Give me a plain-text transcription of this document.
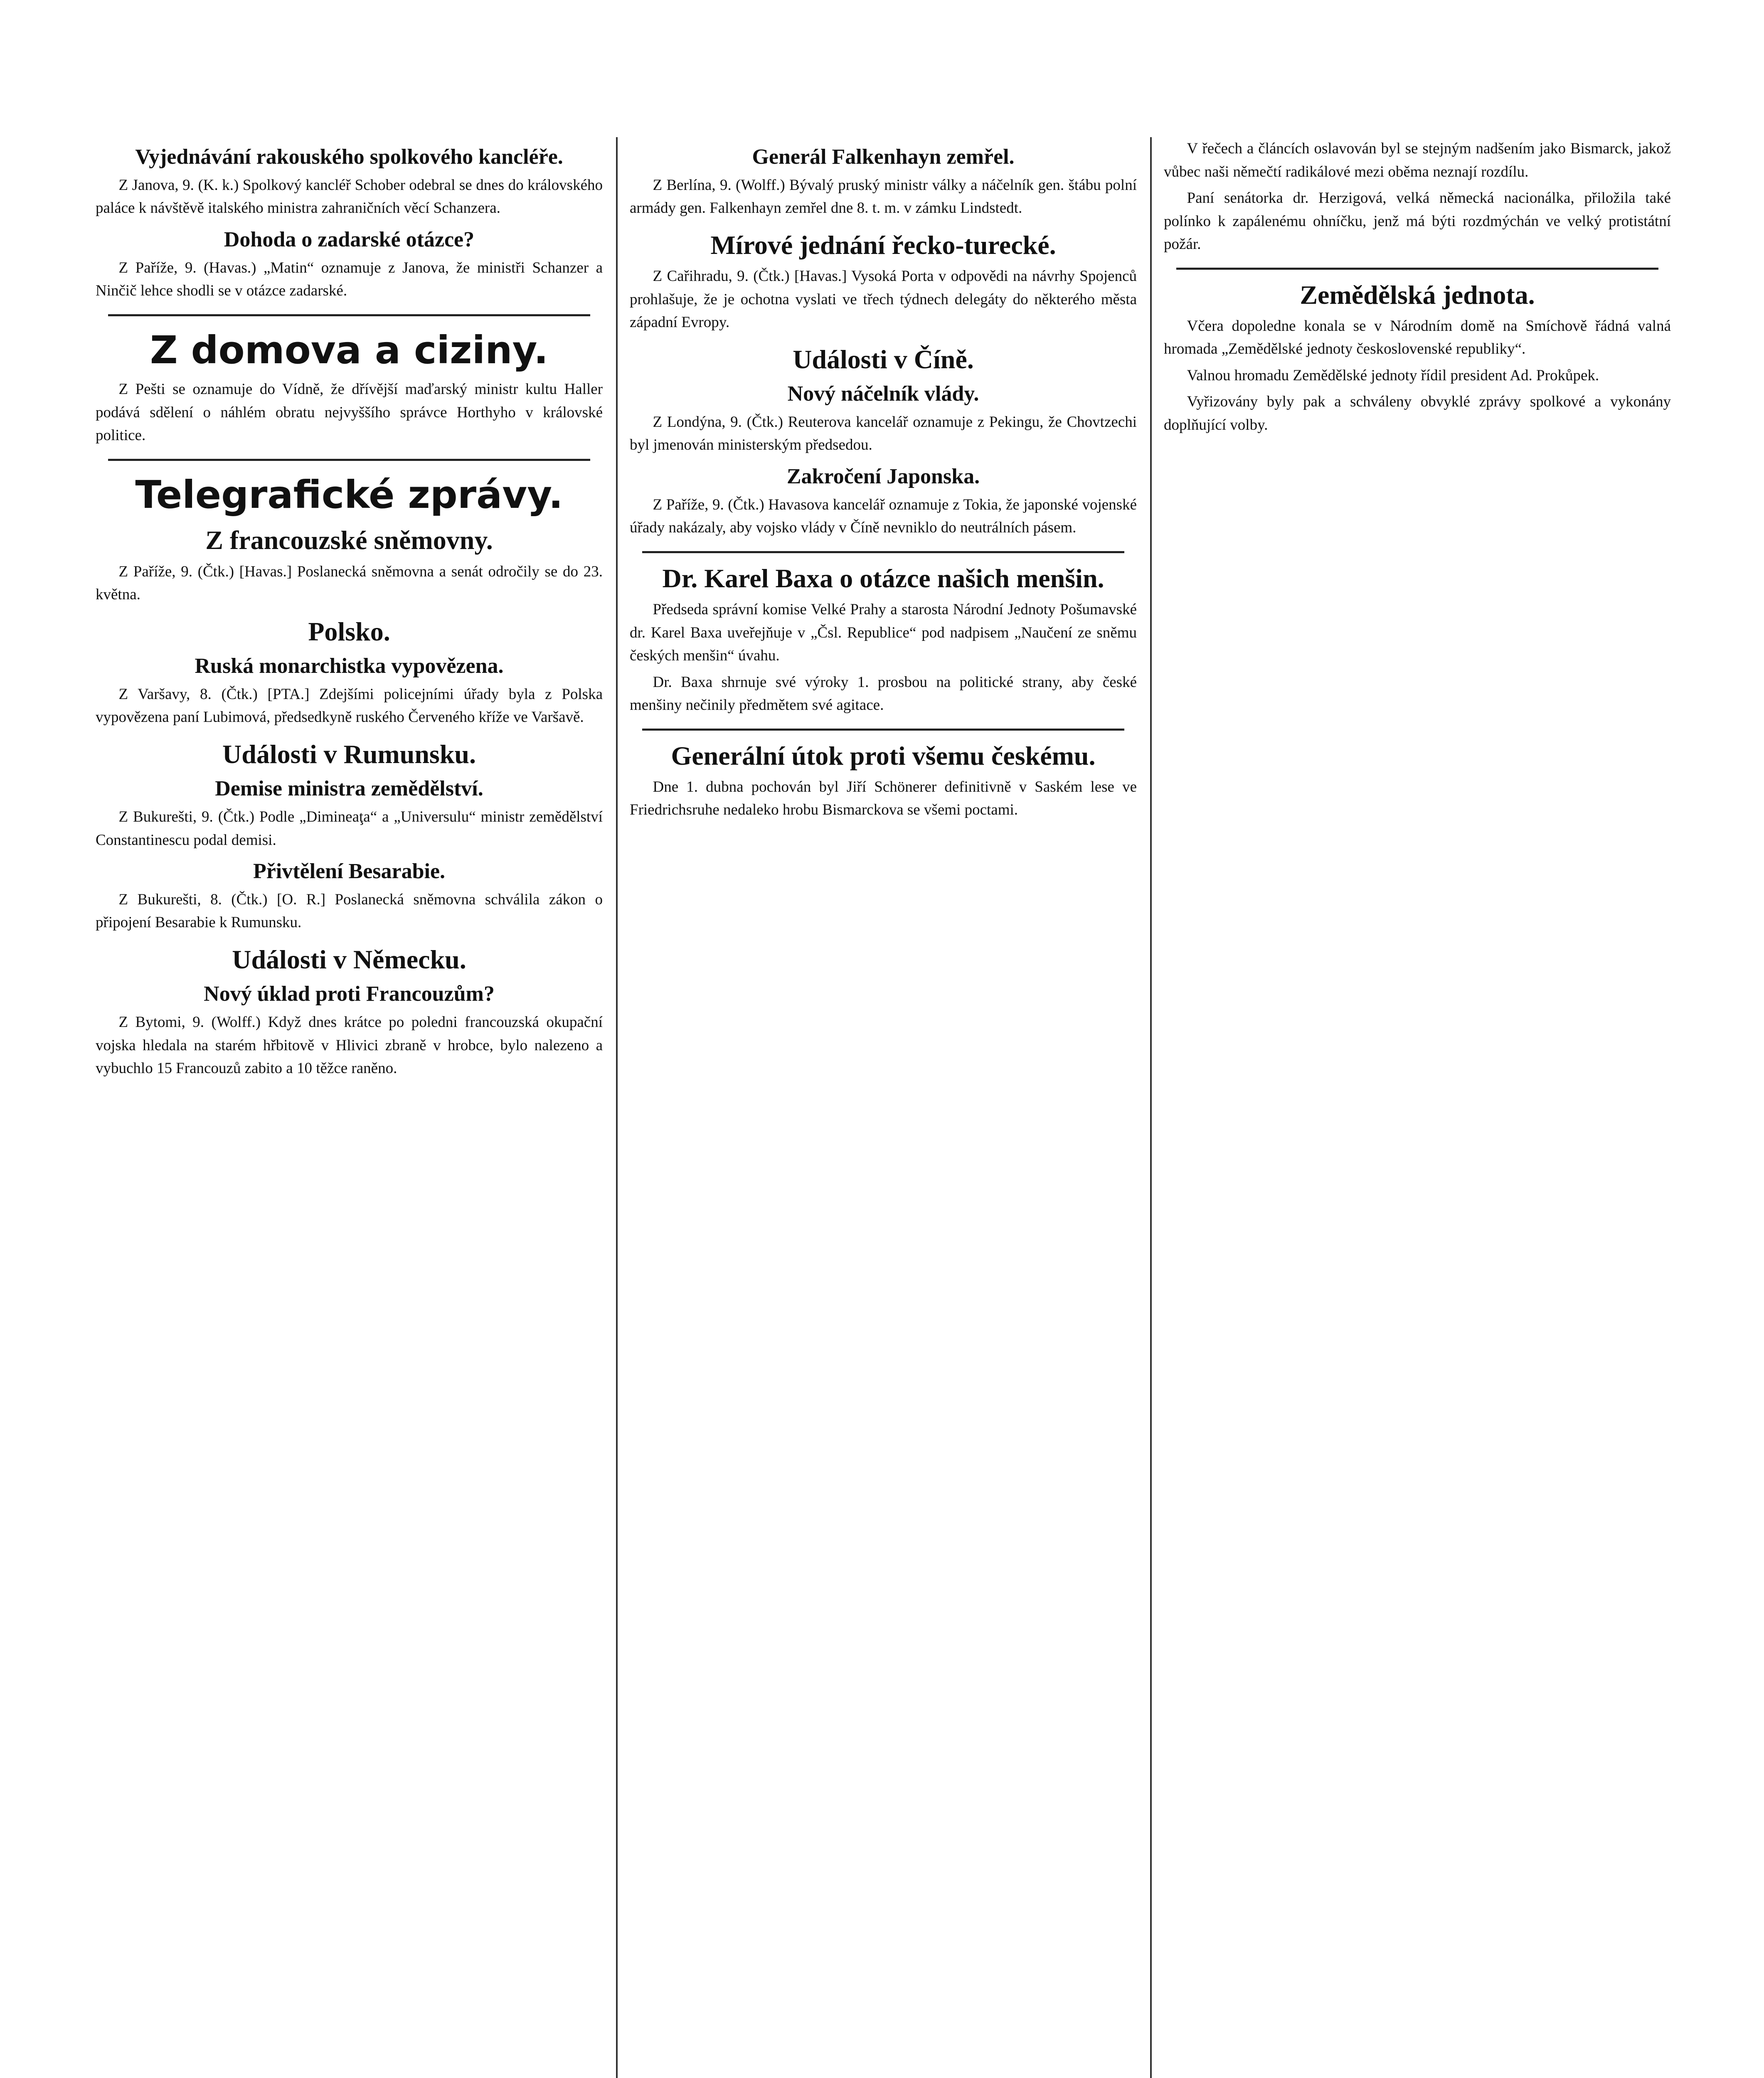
Vyjednávání rakouského spolkového kancléře.

Z Janova, 9. (K. k.) Spolkový kancléř Schober odebral se dnes do královského paláce k návštěvě italského ministra zahraničních věcí Schanzera.

Dohoda o zadarské otázce?

Z Paříže, 9. (Havas.) „Matin“ oznamuje z Janova, že ministři Schanzer a Ninčič lehce shodli se v otázce zadarské.

Z domova a ciziny.

Z Pešti se oznamuje do Vídně, že dřívější maďarský ministr kultu Haller podává sdělení o náhlém obratu nejvyššího správce Horthyho v královské politice.

Telegrafické zprávy.
Z francouzské sněmovny.

Z Paříže, 9. (Čtk.) [Havas.] Poslanecká sněmovna a senát odročily se do 23. května.

Polsko.
Ruská monarchistka vypovězena.

Z Varšavy, 8. (Čtk.) [PTA.] Zdejšími policejními úřady byla z Polska vypovězena paní Lubimová, předsedkyně ruského Červeného kříže ve Varšavě.

Události v Rumunsku.
Demise ministra zemědělství.

Z Bukurešti, 9. (Čtk.) Podle „Dimineaţa“ a „Universulu“ ministr zemědělství Constantinescu podal demisi.

Přivtělení Besarabie.

Z Bukurešti, 8. (Čtk.) [O. R.] Poslanecká sněmovna schválila zákon o připojení Besarabie k Rumunsku.

Události v Německu.
Nový úklad proti Francouzům?

Z Bytomi, 9. (Wolff.) Když dnes krátce po poledni francouzská okupační vojska hledala na starém hřbitově v Hlivici zbraně v hrobce, bylo nalezeno a vybuchlo 15 Francouzů zabito a 10 těžce raněno.

Generál Falkenhayn zemřel.

Z Berlína, 9. (Wolff.) Bývalý pruský ministr války a náčelník gen. štábu polní armády gen. Falkenhayn zemřel dne 8. t. m. v zámku Lindstedt.

Mírové jednání řecko-turecké.

Z Cařihradu, 9. (Čtk.) [Havas.] Vysoká Porta v odpovědi na návrhy Spojenců prohlašuje, že je ochotna vyslati ve třech týdnech delegáty do některého města západní Evropy.

Události v Číně.
Nový náčelník vlády.

Z Londýna, 9. (Čtk.) Reuterova kancelář oznamuje z Pekingu, že Chovtzechi byl jmenován ministerským předsedou.

Zakročení Japonska.

Z Paříže, 9. (Čtk.) Havasova kancelář oznamuje z Tokia, že japonské vojenské úřady nakázaly, aby vojsko vlády v Číně nevniklo do neutrálních pásem.

Dr. Karel Baxa o otázce našich menšin.

Předseda správní komise Velké Prahy a starosta Národní Jednoty Pošumavské dr. Karel Baxa uveřejňuje v „Čsl. Republice“ pod nadpisem „Naučení ze sněmu českých menšin“ úvahu.

Dr. Baxa shrnuje své výroky 1. prosbou na politické strany, aby české menšiny nečinily předmětem své agitace.

Generální útok proti všemu českému.

Dne 1. dubna pochován byl Jiří Schönerer definitivně v Saském lese ve Friedrichsruhe nedaleko hrobu Bismarckova se všemi poctami.

V řečech a článcích oslavován byl se stejným nadšením jako Bismarck, jakož vůbec naši němečtí radikálové mezi oběma neznají rozdílu.

Paní senátorka dr. Herzigová, velká německá nacionálka, přiložila také polínko k zapálenému ohníčku, jenž má býti rozdmýchán ve velký protistátní požár.

Zemědělská jednota.

Včera dopoledne konala se v Národním domě na Smíchově řádná valná hromada „Zemědělské jednoty československé republiky“.

Valnou hromadu Zemědělské jednoty řídil president Ad. Prokůpek.

Vyřizovány byly pak a schváleny obvyklé zprávy spolkové a vykonány doplňující volby.
